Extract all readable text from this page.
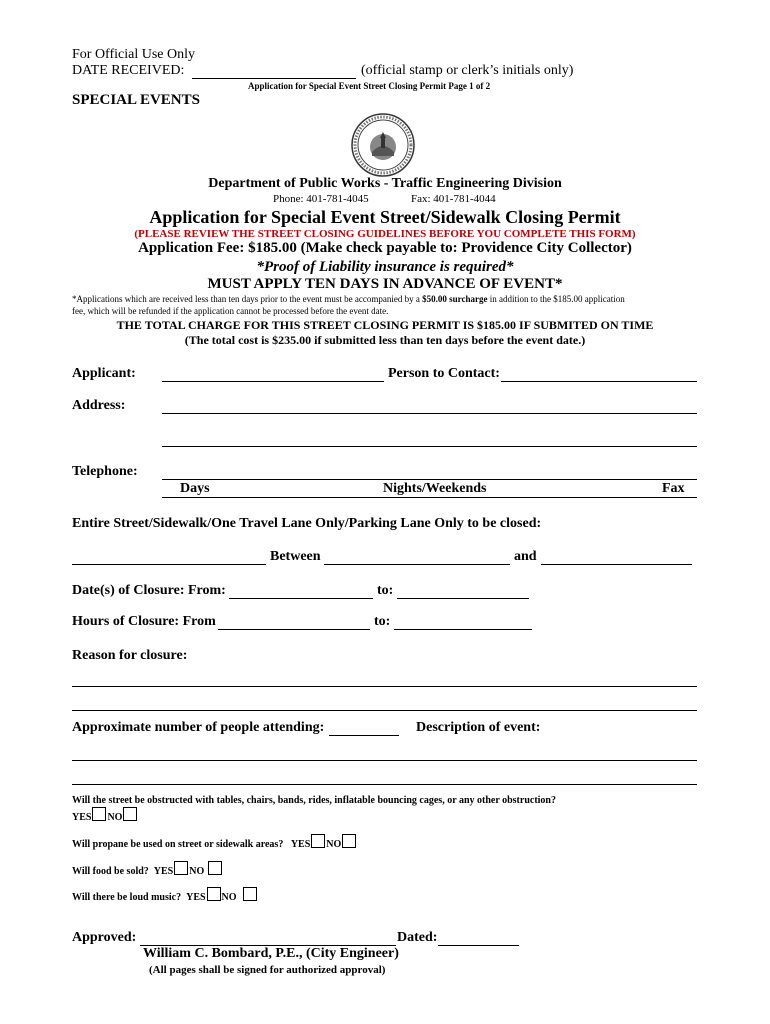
For Official Use Only
DATE RECEIVED:	(official stamp or clerk’s initials only)
Application for Special Event Street Closing Permit Page 1 of 2
SPECIAL EVENTS
Department of Public Works - Traffic Engineering Division
Phone: 401-781-4045	Fax: 401-781-4044
Application for Special Event Street/Sidewalk Closing Permit
(PLEASE REVIEW THE STREET CLOSING GUIDELINES BEFORE YOU COMPLETE THIS FORM)
Application Fee: $185.00 (Make check payable to: Providence City Collector)
*Proof of Liability insurance is required*
MUST APPLY TEN DAYS IN ADVANCE OF EVENT*
*Applications which are received less than ten days prior to the event must be accompanied by a $50.00 surcharge in addition to the $185.00 application
fee, which will be refunded if the application cannot be processed before the event date.
THE TOTAL CHARGE FOR THIS STREET CLOSING PERMIT IS $185.00 IF SUBMITED ON TIME
(The total cost is $235.00 if submitted less than ten days before the event date.)
Applicant:	Person to Contact:
Address:
Telephone:
Days	Nights/Weekends	Fax
Entire Street/Sidewalk/One Travel Lane Only/Parking Lane Only to be closed:
Between	and
Date(s) of Closure: From:	to:
Hours of Closure: From	to:
Reason for closure:
Approximate number of people attending:	Description of event:
Will the street be obstructed with tables, chairs, bands, rides, inflatable bouncing cages, or any other obstruction?
YES NO
Will propane be used on street or sidewalk areas? YES NO
Will food be sold? YES NO
Will there be loud music? YES NO
Approved:	Dated:
William C. Bombard, P.E., (City Engineer)
(All pages shall be signed for authorized approval)
